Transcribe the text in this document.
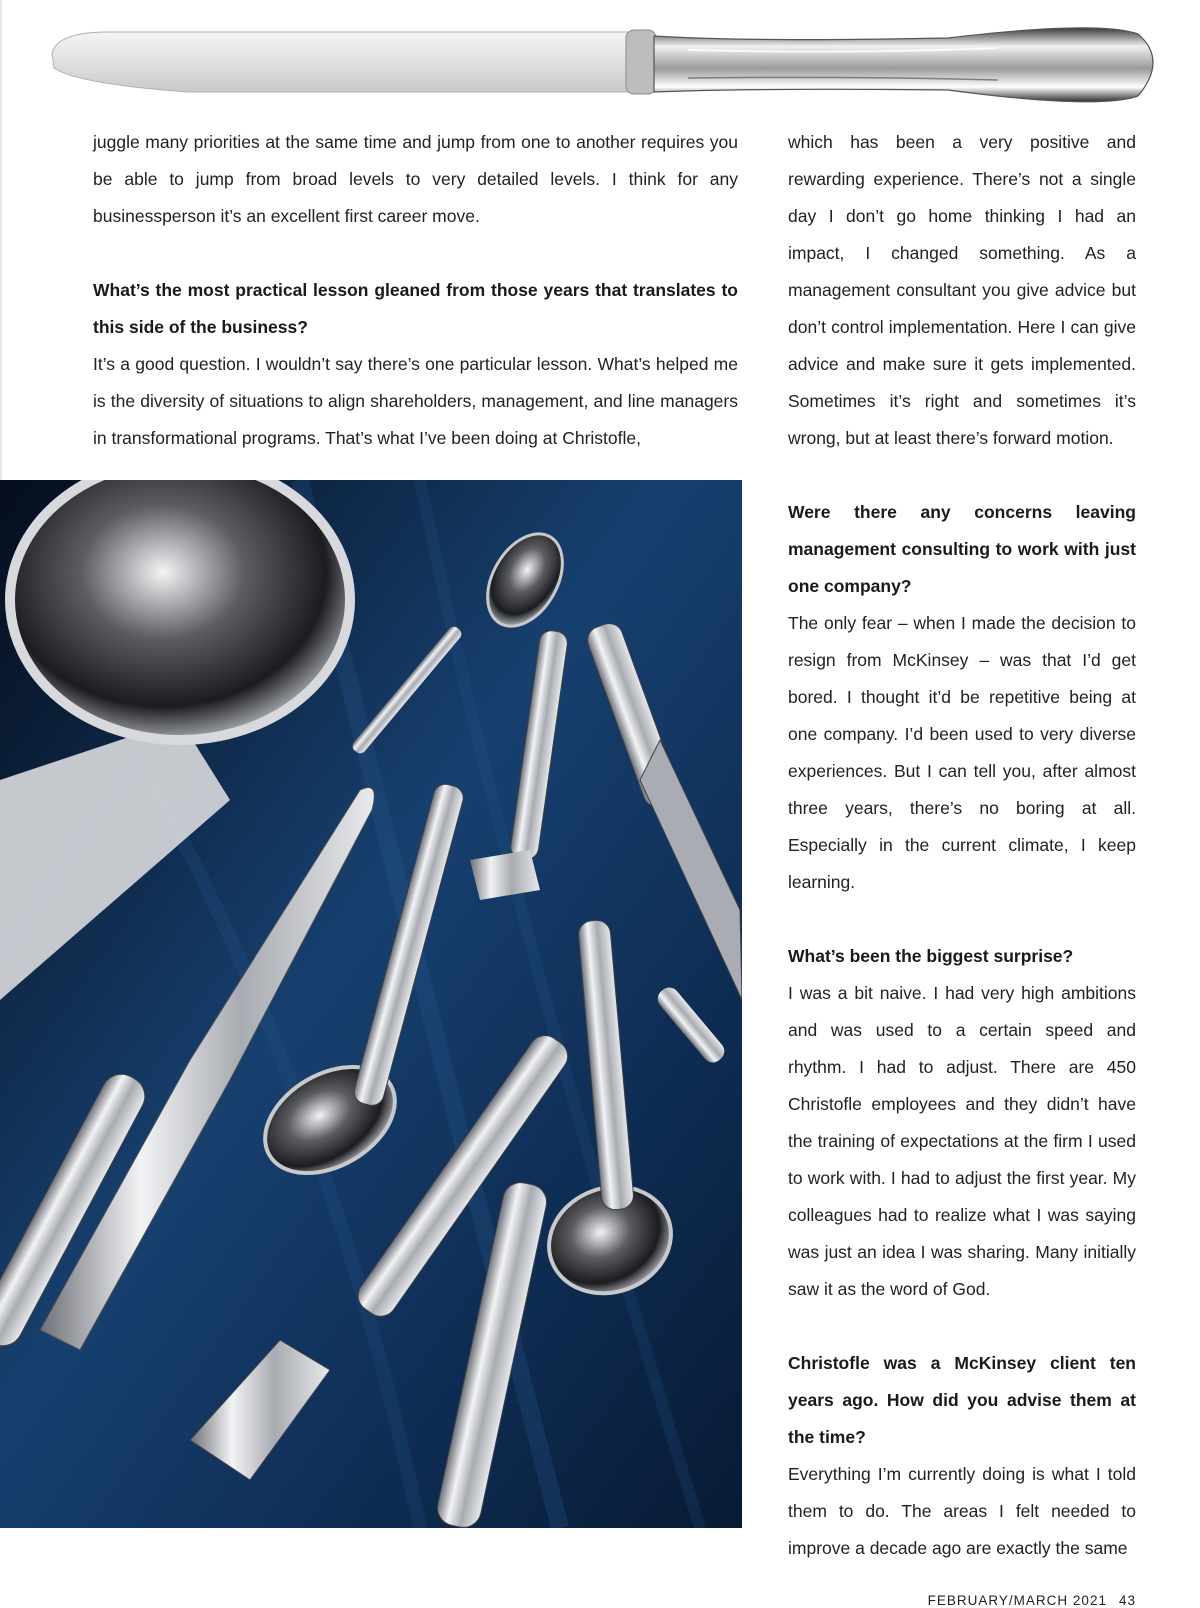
juggle many priorities at the same time and jump from one to another requires you be able to jump from broad levels to very detailed levels. I think for any businessperson it’s an excellent first career move.

What’s the most practical lesson gleaned from those years that translates to this side of the business?

It’s a good question. I wouldn’t say there’s one particular lesson. What’s helped me is the diversity of situations to align shareholders, management, and line managers in transformational programs. That’s what I’ve been doing at Christofle,

which has been a very positive and rewarding experience. There’s not a single day I don’t go home thinking I had an impact, I changed something. As a management consultant you give advice but don’t control implementation. Here I can give advice and make sure it gets implemented. Sometimes it’s right and sometimes it’s wrong, but at least there’s forward motion.

Were there any concerns leaving management consulting to work with just one company?

The only fear – when I made the decision to resign from McKinsey – was that I’d get bored. I thought it’d be repetitive being at one company. I’d been used to very diverse experiences. But I can tell you, after almost three years, there’s no boring at all. Especially in the current climate, I keep learning.

What’s been the biggest surprise?

I was a bit naive. I had very high ambitions and was used to a certain speed and rhythm. I had to adjust. There are 450 Christofle employees and they didn’t have the training of expectations at the firm I used to work with. I had to adjust the first year. My colleagues had to realize what I was saying was just an idea I was sharing. Many initially saw it as the word of God.

Christofle was a McKinsey client ten years ago. How did you advise them at the time?

Everything I’m currently doing is what I told them to do. The areas I felt needed to improve a decade ago are exactly the same

FEBRUARY/MARCH 2021 43
